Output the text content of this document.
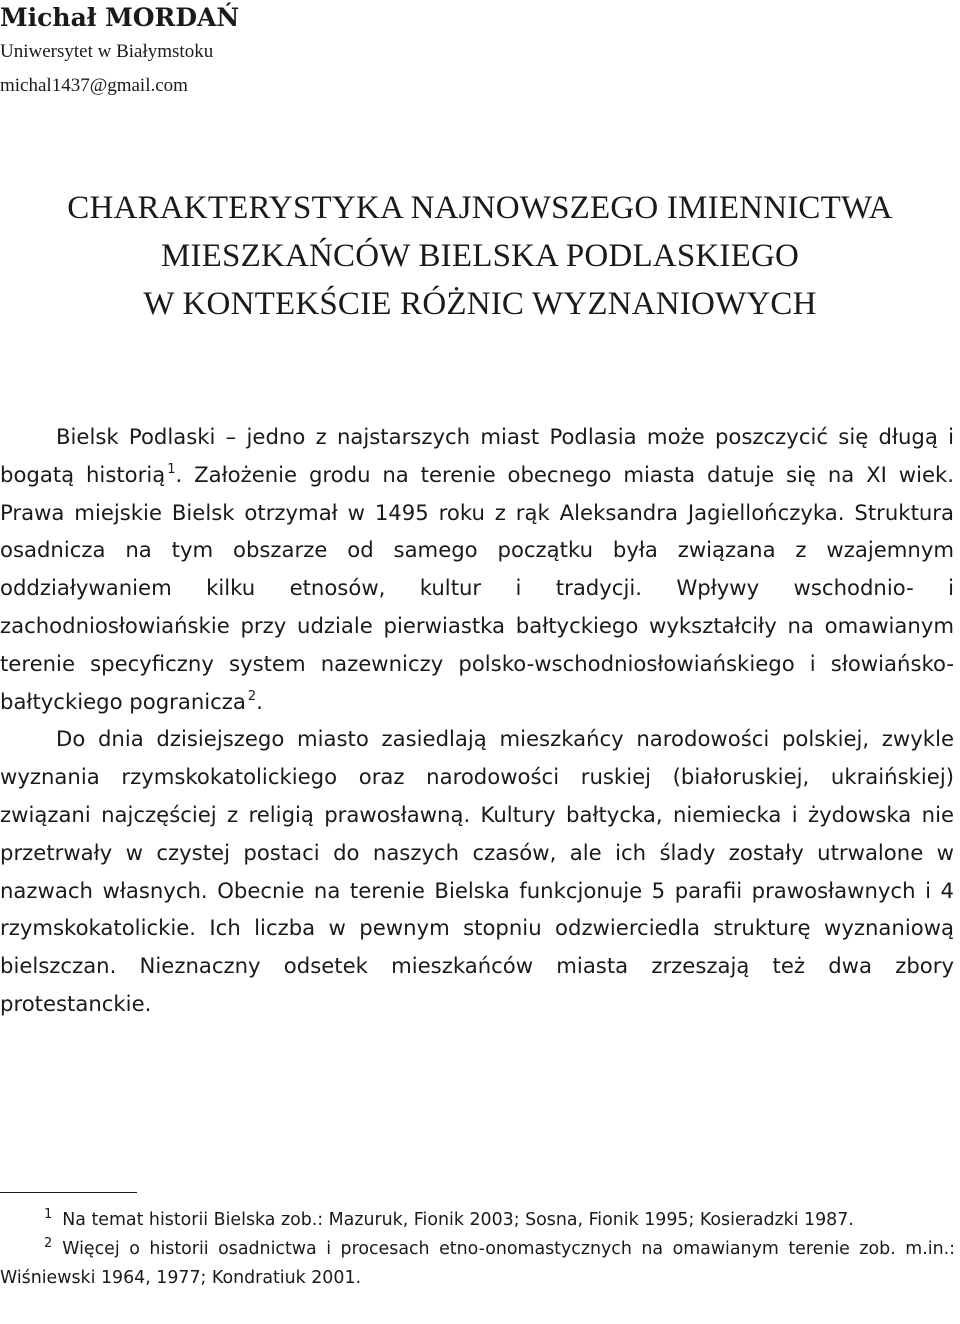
Michał MORDAŃ
Uniwersytet w Białymstoku
michal1437@gmail.com
CHARAKTERYSTYKA NAJNOWSZEGO IMIENNICTWA
MIESZKAŃCÓW BIELSKA PODLASKIEGO
W KONTEKŚCIE RÓŻNIC WYZNANIOWYCH

Bielsk Podlaski – jedno z najstarszych miast Podlasia może poszczycić się długą i bogatą historią $^1$. Założenie grodu na terenie obecnego miasta datuje się na XI wiek. Prawa miejskie Bielsk otrzymał w 1495 roku z rąk Aleksandra Jagiellończyka. Struktura osadnicza na tym obszarze od samego początku była związana z wzajemnym oddziaływaniem kilku etnosów, kultur i tradycji. Wpływy wschodnio- i zachodniosłowiańskie przy udziale pierwiastka bałtyckiego wykształciły na omawianym terenie specyficzny system nazewniczy polsko-wschodniosłowiańskiego i słowiańsko-bałtyckiego pogranicza $^2$.

Do dnia dzisiejszego miasto zasiedlają mieszkańcy narodowości polskiej, zwykle wyznania rzymskokatolickiego oraz narodowości ruskiej (białoruskiej, ukraińskiej) związani najczęściej z religią prawosławną. Kultury bałtycka, niemiecka i żydowska nie przetrwały w czystej postaci do naszych czasów, ale ich ślady zostały utrwalone w nazwach własnych. Obecnie na terenie Bielska funkcjonuje 5 parafii prawosławnych i 4 rzymskokatolickie. Ich liczba w pewnym stopniu odzwierciedla strukturę wyznaniową bielszczan. Nieznaczny odsetek mieszkańców miasta zrzeszają też dwa zbory protestanckie.

1 Na temat historii Bielska zob.: Mazuruk, Fionik 2003; Sosna, Fionik 1995; Kosieradzki 1987.

2 Więcej o historii osadnictwa i procesach etno-onomastycznych na omawianym terenie zob. m.in.: Wiśniewski 1964, 1977; Kondratiuk 2001.
